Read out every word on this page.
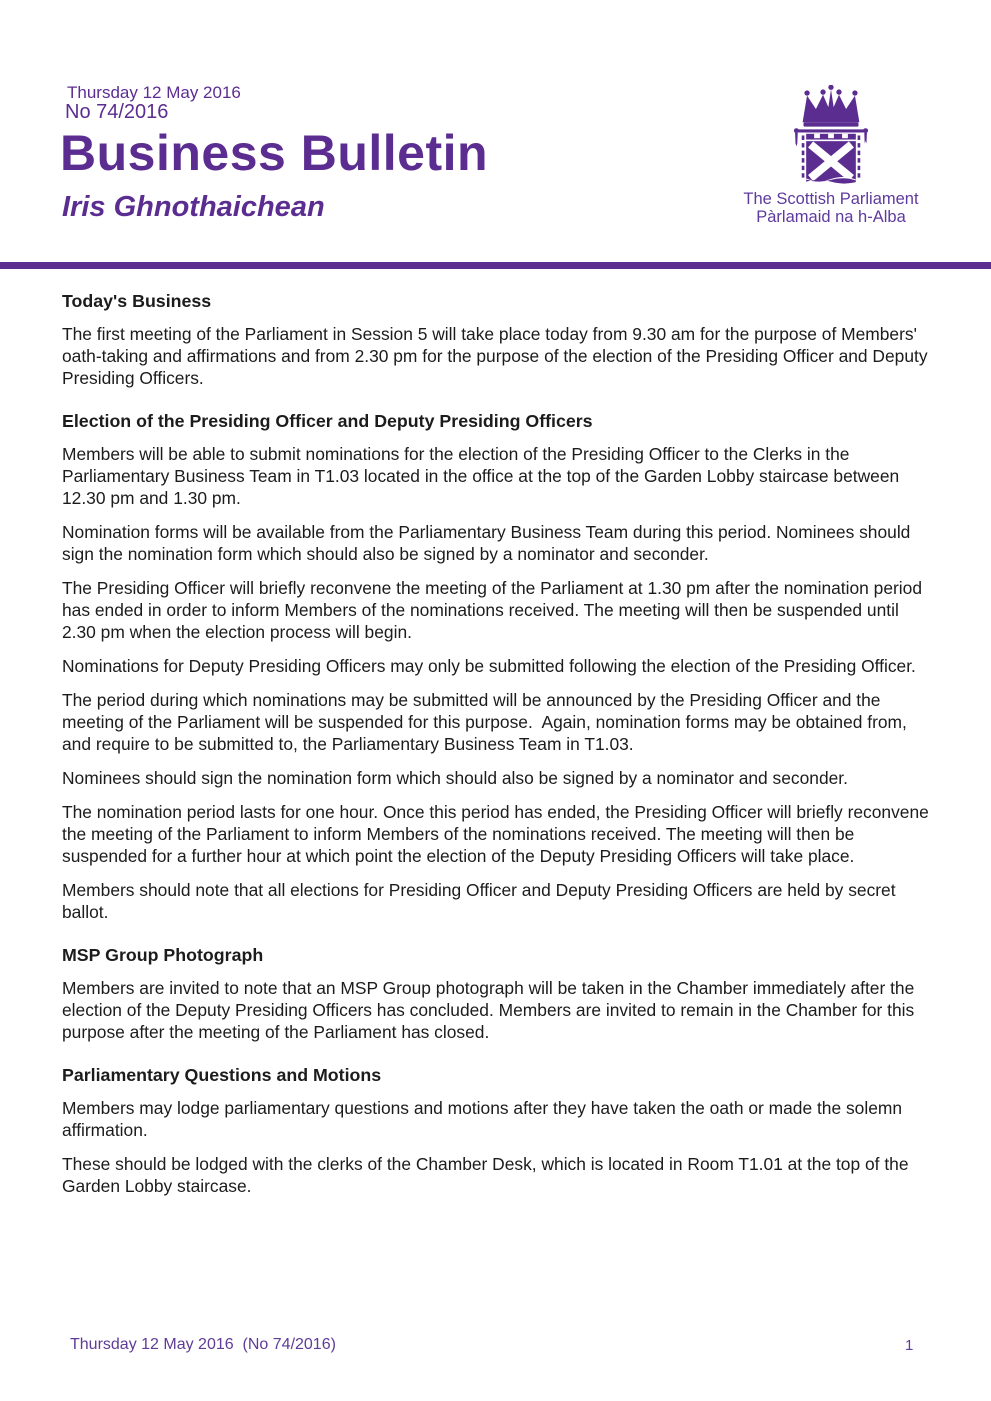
Thursday 12 May 2016
No 74/2016
Business Bulletin
Iris Ghnothaichean	The Scottish Parliament
Pàrlamaid na h-Alba
Today's Business

The first meeting of the Parliament in Session 5 will take place today from 9.30 am for the purpose of Members' oath-taking and affirmations and from 2.30 pm for the purpose of the election of the Presiding Officer and Deputy Presiding Officers.

Election of the Presiding Officer and Deputy Presiding Officers

Members will be able to submit nominations for the election of the Presiding Officer to the Clerks in the Parliamentary Business Team in T1.03 located in the office at the top of the Garden Lobby staircase between 12.30 pm and 1.30 pm.

Nomination forms will be available from the Parliamentary Business Team during this period. Nominees should sign the nomination form which should also be signed by a nominator and seconder.

The Presiding Officer will briefly reconvene the meeting of the Parliament at 1.30 pm after the nomination period has ended in order to inform Members of the nominations received. The meeting will then be suspended until 2.30 pm when the election process will begin.

Nominations for Deputy Presiding Officers may only be submitted following the election of the Presiding Officer.

The period during which nominations may be submitted will be announced by the Presiding Officer and the meeting of the Parliament will be suspended for this purpose.  Again, nomination forms may be obtained from, and require to be submitted to, the Parliamentary Business Team in T1.03.

Nominees should sign the nomination form which should also be signed by a nominator and seconder.

The nomination period lasts for one hour. Once this period has ended, the Presiding Officer will briefly reconvene the meeting of the Parliament to inform Members of the nominations received. The meeting will then be suspended for a further hour at which point the election of the Deputy Presiding Officers will take place.

Members should note that all elections for Presiding Officer and Deputy Presiding Officers are held by secret ballot.

MSP Group Photograph

Members are invited to note that an MSP Group photograph will be taken in the Chamber immediately after the election of the Deputy Presiding Officers has concluded. Members are invited to remain in the Chamber for this purpose after the meeting of the Parliament has closed.

Parliamentary Questions and Motions

Members may lodge parliamentary questions and motions after they have taken the oath or made the solemn affirmation.

These should be lodged with the clerks of the Chamber Desk, which is located in Room T1.01 at the top of the Garden Lobby staircase.

Thursday 12 May 2016  (No 74/2016)	1
